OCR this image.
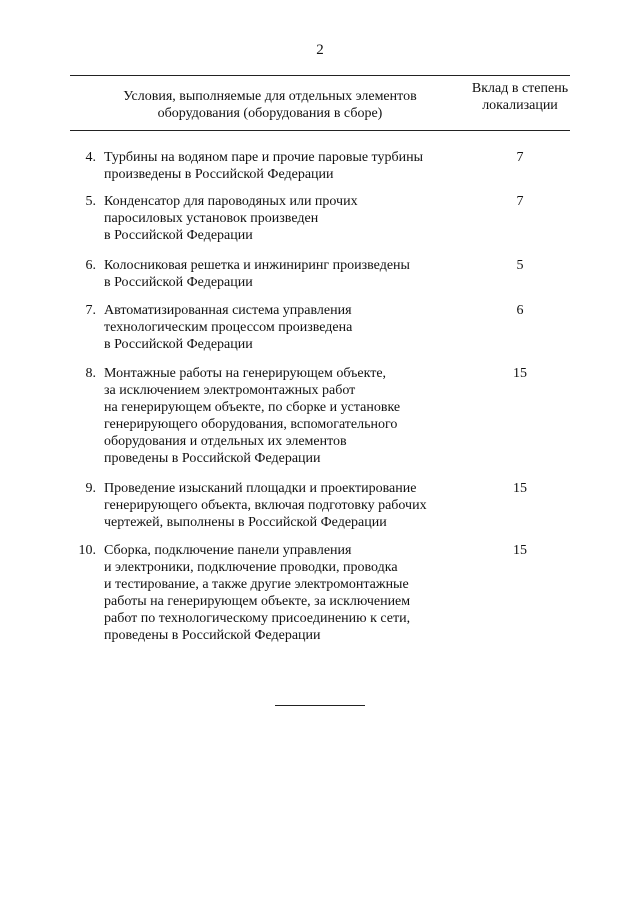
2
Условия, выполняемые для отдельных элементов оборудования (оборудования в сборе)
Вклад в степень локализации
4. Турбины на водяном паре и прочие паровые турбины
произведены в Российской Федерации
7
5. Конденсатор для пароводяных или прочих
паросиловых установок произведен
в Российской Федерации
7
6. Колосниковая решетка и инжиниринг произведены
в Российской Федерации
5
7. Автоматизированная система управления
технологическим процессом произведена
в Российской Федерации
6
8. Монтажные работы на генерирующем объекте,
за исключением электромонтажных работ
на генерирующем объекте, по сборке и установке
генерирующего оборудования, вспомогательного
оборудования и отдельных их элементов
проведены в Российской Федерации
15
9. Проведение изысканий площадки и проектирование
генерирующего объекта, включая подготовку рабочих
чертежей, выполнены в Российской Федерации
15
10. Сборка, подключение панели управления
и электроники, подключение проводки, проводка
и тестирование, а также другие электромонтажные
работы на генерирующем объекте, за исключением
работ по технологическому присоединению к сети,
проведены в Российской Федерации
15
